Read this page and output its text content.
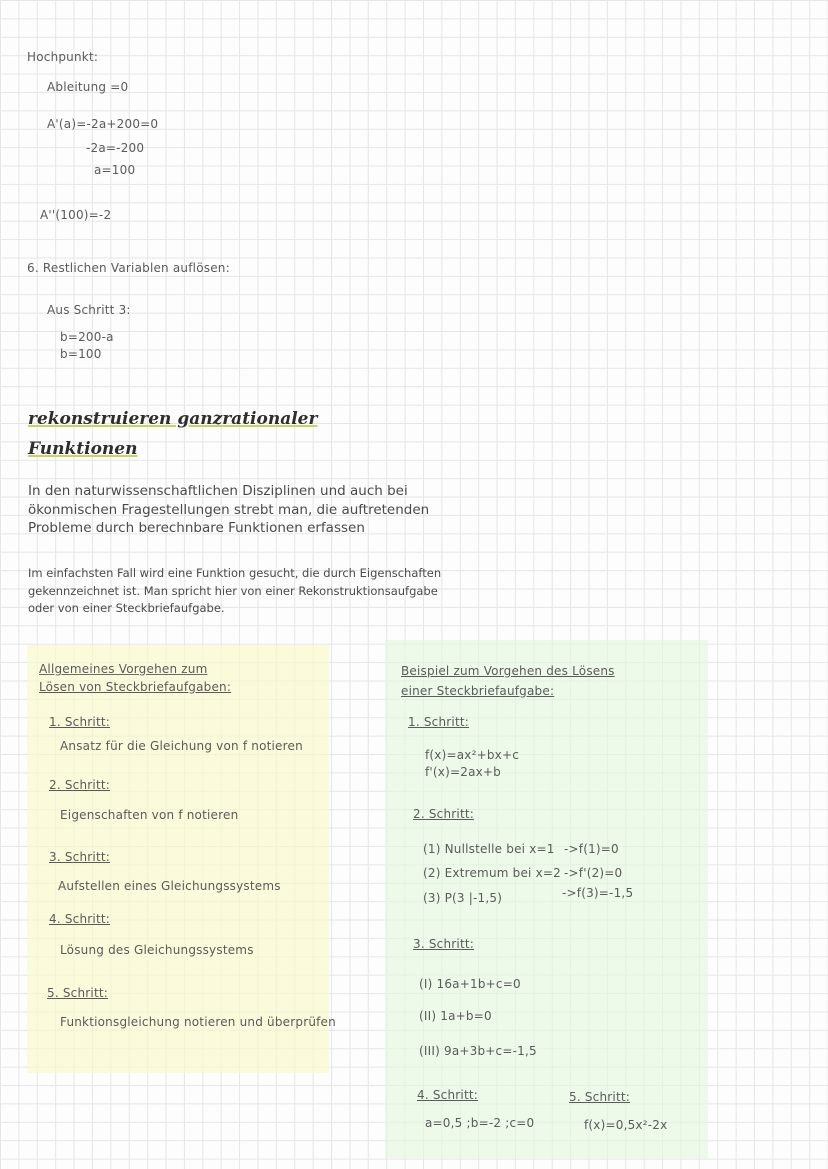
Hochpunkt:
Ableitung =0
A'(a)=-2a+200=0
-2a=-200
a=100
A''(100)=-2
6. Restlichen Variablen auflösen:
Aus Schritt 3:
b=200-a
b=100
rekonstruieren ganzrationaler
Funktionen
In den naturwissenschaftlichen Disziplinen und auch bei
ökonmischen Fragestellungen strebt man, die auftretenden
Probleme durch berechnbare Funktionen erfassen
Im einfachsten Fall wird eine Funktion gesucht, die durch Eigenschaften
gekennzeichnet ist. Man spricht hier von einer Rekonstruktionsaufgabe
oder von einer Steckbriefaufgabe.
Allgemeines Vorgehen zum
Lösen von Steckbriefaufgaben:
1. Schritt:
Ansatz für die Gleichung von f notieren
2. Schritt:
Eigenschaften von f notieren
3. Schritt:
Aufstellen eines Gleichungssystems
4. Schritt:
Lösung des Gleichungssystems
5. Schritt:
Funktionsgleichung notieren und überprüfen
Beispiel zum Vorgehen des Lösens
einer Steckbriefaufgabe:
1. Schritt:
f(x)=ax²+bx+c
f'(x)=2ax+b
2. Schritt:
(1) Nullstelle bei x=1 ->f(1)=0
(2) Extremum bei x=2 ->f'(2)=0
(3) P(3 |-1,5)	->f(3)=-1,5
3. Schritt:
(I) 16a+1b+c=0
(II) 1a+b=0
(III) 9a+3b+c=-1,5
4. Schritt:
a=0,5 ;b=-2 ;c=0
5. Schritt:
f(x)=0,5x²-2x
